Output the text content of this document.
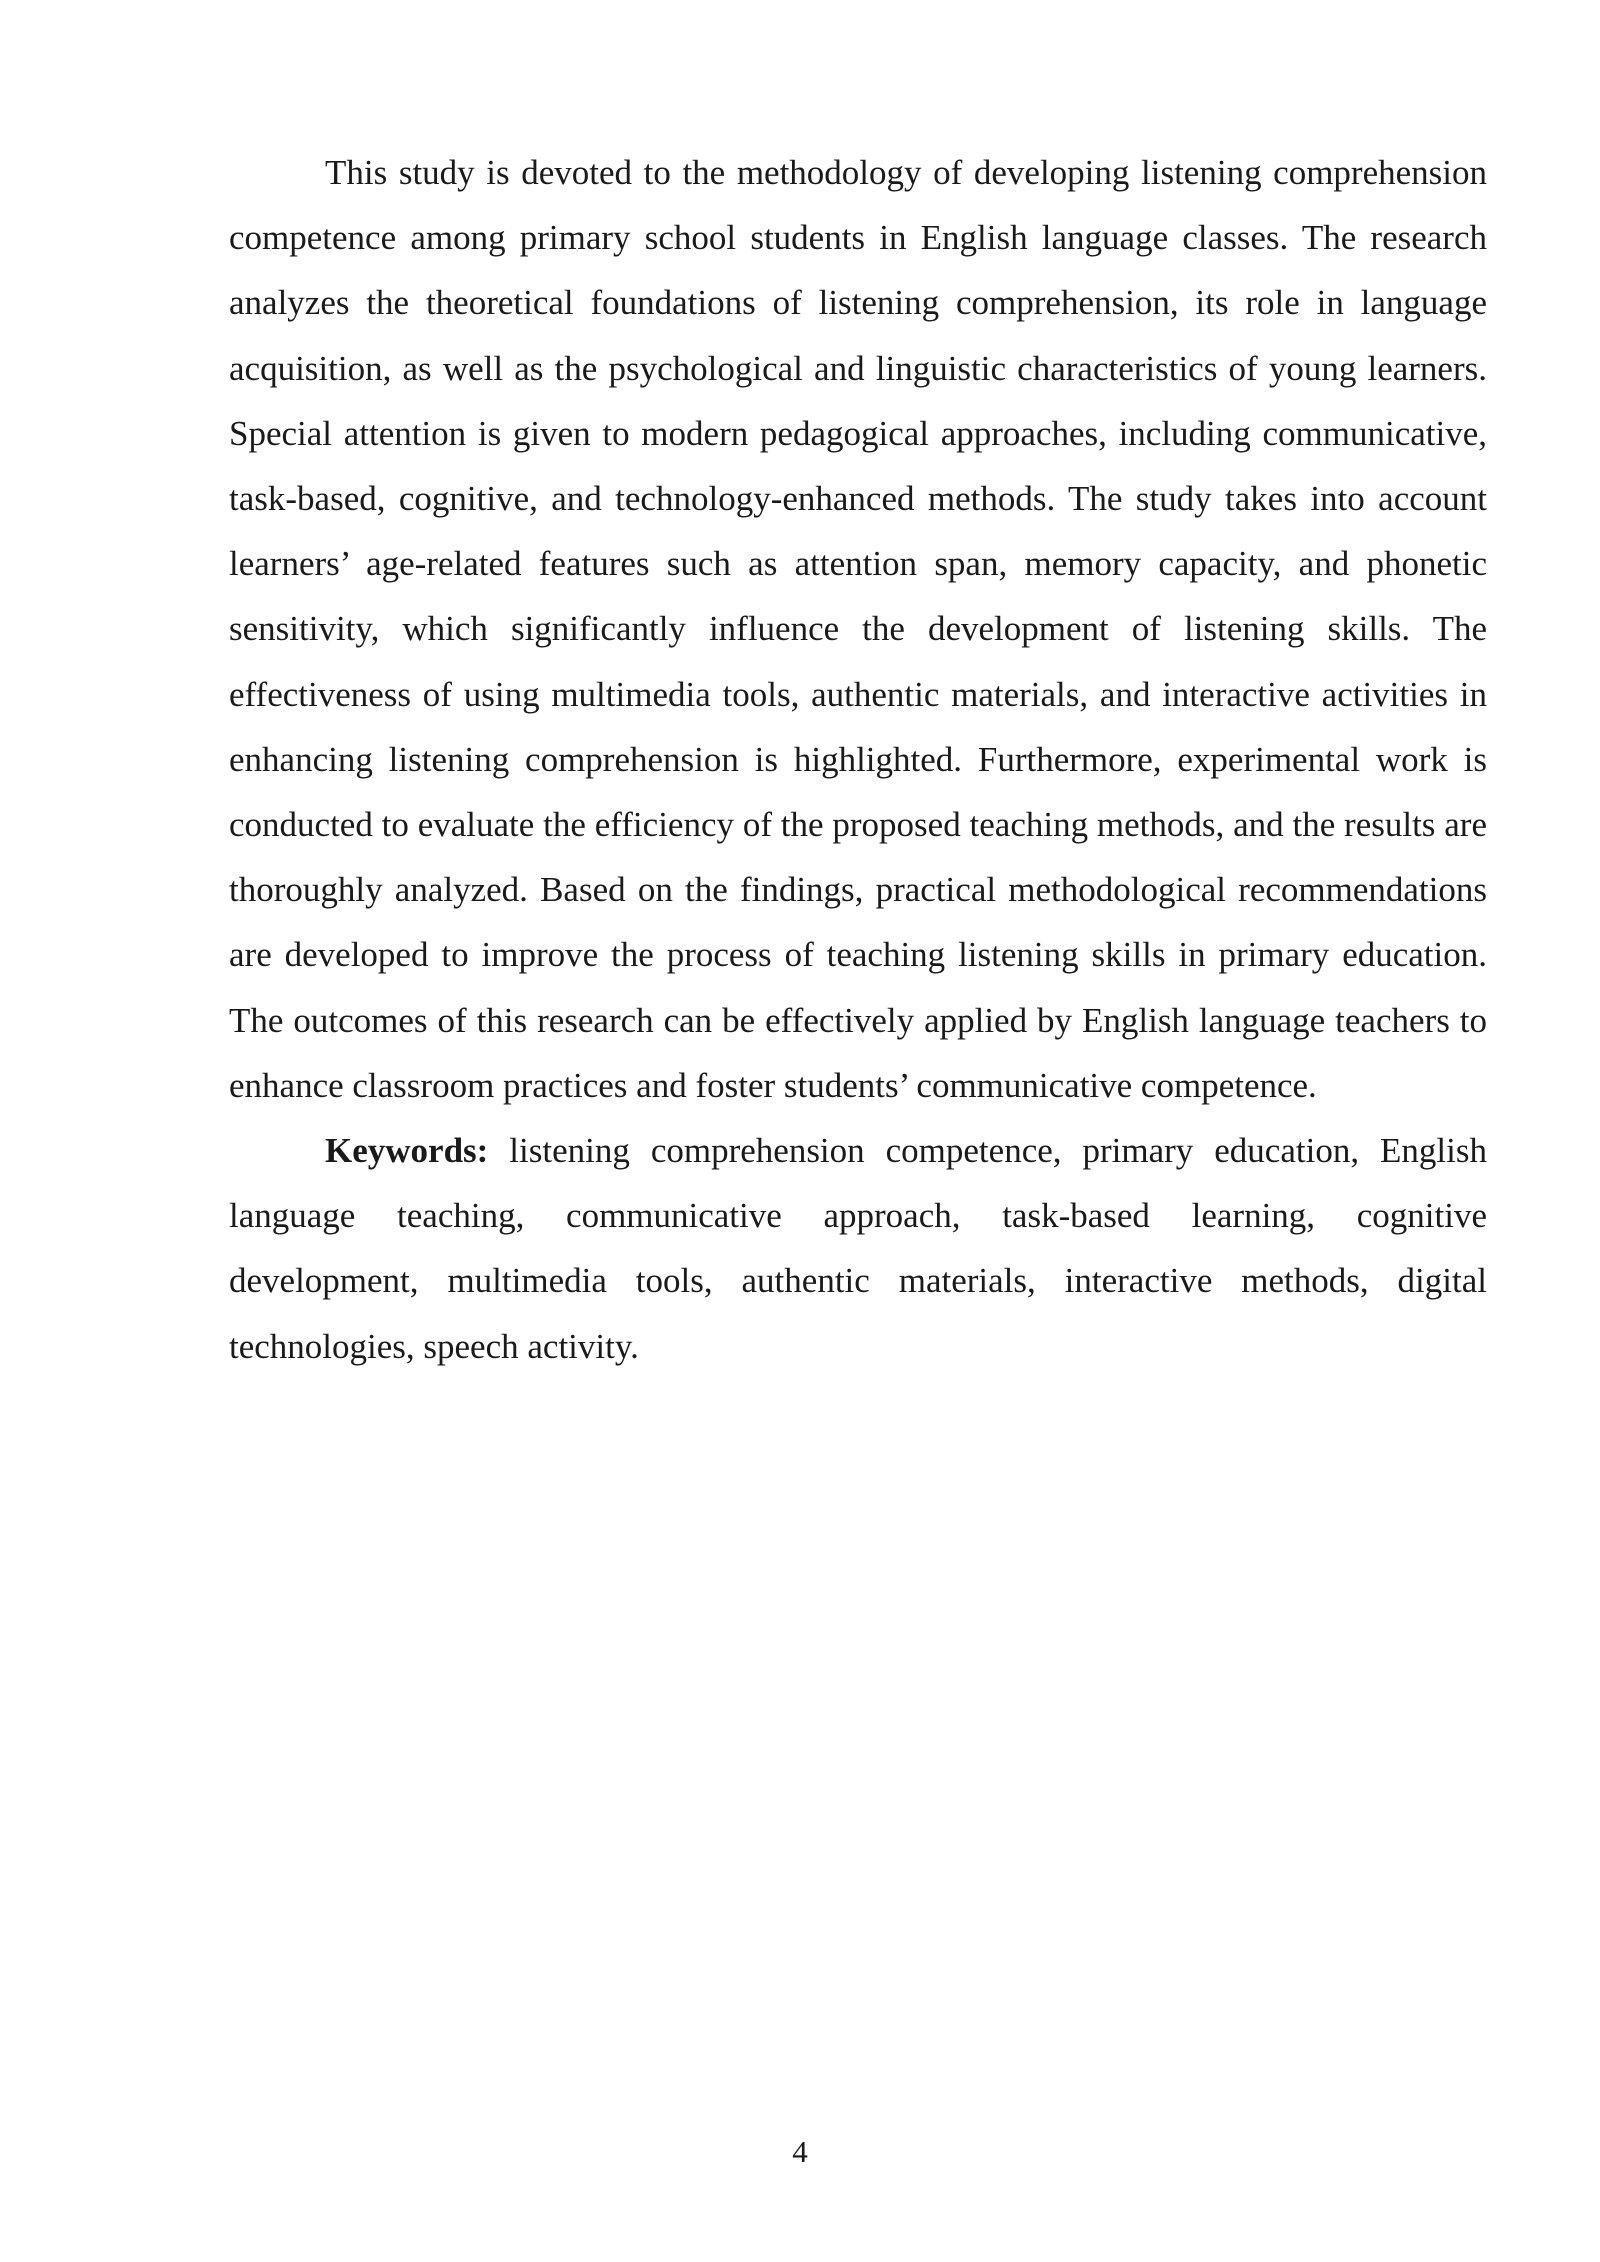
This study is devoted to the methodology of developing listening comprehension competence among primary school students in English language classes. The research analyzes the theoretical foundations of listening comprehension, its role in language acquisition, as well as the psychological and linguistic characteristics of young learners. Special attention is given to modern pedagogical approaches, including communicative, task-based, cognitive, and technology-enhanced methods. The study takes into account learners’ age-related features such as attention span, memory capacity, and phonetic sensitivity, which significantly influence the development of listening skills. The effectiveness of using multimedia tools, authentic materials, and interactive activities in enhancing listening comprehension is highlighted. Furthermore, experimental work is conducted to evaluate the efficiency of the proposed teaching methods, and the results are thoroughly analyzed. Based on the findings, practical methodological recommendations are developed to improve the process of teaching listening skills in primary education. The outcomes of this research can be effectively applied by English language teachers to enhance classroom practices and foster students’ communicative competence.

Keywords: listening comprehension competence, primary education, English language teaching, communicative approach, task-based learning, cognitive development, multimedia tools, authentic materials, interactive methods, digital technologies, speech activity.

4
